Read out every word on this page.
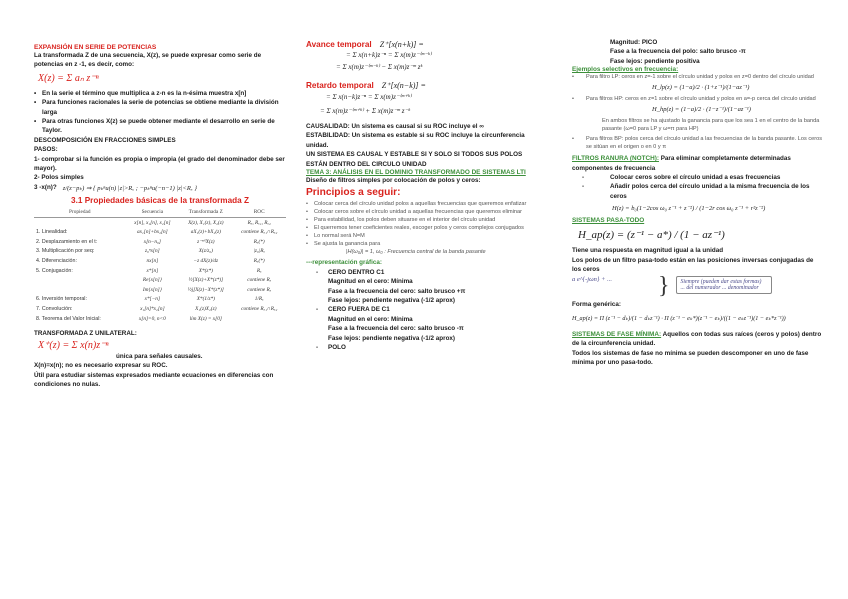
EXPANSIÓN EN SERIE DE POTENCIAS
La transformada Z de una secuencia, X(z), se puede expresar como serie de potencias en z -1, es decir, como:
X(z) = Σ aₙ z⁻ⁿ
• En la serie el término que multiplica a z-n es la n-ésima muestra x[n]
• Para funciones racionales la serie de potencias se obtiene mediante la división larga
• Para otras funciones X(z) se puede obtener mediante el desarrollo en serie de Taylor.
DESCOMPOSICIÓN EN FRACCIONES SIMPLES
PASOS:
1- comprobar si la función es propia o impropia (el grado del denominador debe ser mayor).
2- Polos simples
3 -x(n)? z/(z−pₖ) ⇒ { pₖⁿu(n) |z|>Rₓ ; −pₖⁿu(−n−1) |z|<Rₓ }
3.1 Propiedades básicas de la transformada Z
Propiedad	Secuencia	Transformada Z	ROC
	x[n], x₁[n], x₂[n]	X(z), X₁(z), X₂(z)	Rₓ, Rₓ₁, Rₓ₂
1. Linealidad:	ax₁[n]+bx₂[n]	aX₁(z)+bX₂(z)	contiene Rₓ₁∩Rₓ₂
2. Desplazamiento en el t:	x[n−n₀]	z⁻ⁿ⁰X(z)	Rₓ(*)
3. Multiplicación por seq:	z₀ⁿx[n]	X(z/z₀)	|z₀|Rₓ
4. Diferenciación:	nx[n]	−z dX(z)/dz	Rₓ(*)
5. Conjugación:	x*[n]	X*(z*)	Rₓ
	Re{x[n]}	½[X(z)+X*(z*)]	contiene Rₓ
	Im{x[n]}	½j[X(z)−X*(z*)]	contiene Rₓ
6. Inversión temporal:	x*[−n]	X*(1/z*)	1/Rₓ
7. Convolución:	x₁[n]*x₂[n]	X₁(z)X₂(z)	contiene Rₓ₁∩Rₓ₂
8. Teorema del Valor Inicial:	x[n]=0, n<0	lím X(z) = x[0]	
TRANSFORMADA Z UNILATERAL:
X⁺(z) = Σ x(n)z⁻ⁿ
única para señales causales.
X(n)=x(n); no es necesario expresar su ROC.
Útil para estudiar sistemas expresados mediante ecuaciones en diferencias con condiciones no nulas.
Avance temporal Z⁺[x(n+k)] =
= Σ x(n+k)z⁻ⁿ = Σ x(m)z⁻⁽ᵐ⁻ᵏ⁾
= Σ x(m)z⁻⁽ᵐ⁻ᵏ⁾ − Σ x(m)z⁻ᵐ zᵏ
Retardo temporal Z⁺[x(n−k)] =
= Σ x(n−k)z⁻ⁿ = Σ x(m)z⁻⁽ᵐ⁺ᵏ⁾
= Σ x(m)z⁻⁽ᵐ⁺ᵏ⁾ + Σ x(m)z⁻ᵐ z⁻ᵏ
CAUSALIDAD: Un sistema es causal si su ROC incluye el ∞
ESTABILIDAD: Un sistema es estable si su ROC incluye la circunferencia unidad.
UN SISTEMA ES CAUSAL Y ESTABLE SI Y SOLO SI TODOS SUS POLOS ESTÁN DENTRO DEL CIRCULO UNIDAD
TEMA 3: ANÁLISIS EN EL DOMINIO TRANSFORMADO DE SISTEMAS LTI
Diseño de filtros simples por colocación de polos y ceros:
Principios a seguir:
• Colocar cerca del círculo unidad polos a aquellas frecuencias que queremos enfatizar
• Colocar ceros sobre el círculo unidad a aquellas frecuencias que queremos eliminar
• Para estabilidad, los polos deben situarse en el interior del círculo unidad
• El querremos tener coeficientes reales, escoger polos y ceros complejos conjugados
• Lo normal será N=M
• Se ajusta la ganancia para
|H(ω₀)| = 1, ω₀ : Frecuencia central de la banda pasante
---representación gráfica:
- CERO DENTRO C1
Magnitud en el cero: Mínima
Fase a la frecuencia del cero: salto brusco +π
Fase lejos: pendiente negativa (-1/2 aprox)
- CERO FUERA DE C1
Magnitud en el cero: Mínima
Fase a la frecuencia del cero: salto brusco -π
Fase lejos: pendiente negativa (-1/2 aprox)
- POLO
Magnitud: PICO
Fase a la frecuencia del polo: salto brusco -π
Fase lejos: pendiente positiva
Ejemplos selectivos en frecuencia:
• Para filtro LP: ceros en z=-1 sobre el círculo unidad y polos en z=0 dentro del círculo unidad
H_lp(z) = (1−a)/2 · (1+z⁻¹)/(1−az⁻¹)
• Para filtros HP: ceros en z=1 sobre el círculo unidad y polos en a=-p cerca del círculo unidad
H_hp(z) = (1−a)/2 · (1−z⁻¹)/(1−az⁻¹)
En ambos filtros se ha ajustado la ganancia para que los sea 1 en el centro de la banda pasante (ω=0 para LP y ω=π para HP)
• Para filtros BP: polos cerca del círculo unidad a las frecuencias de la banda pasante. Los ceros se sitúan en el origen o en 0 y π
FILTROS RANURA (NOTCH): Para eliminar completamente determinadas componentes de frecuencia
- Colocar ceros sobre el círculo unidad a esas frecuencias
- Añadir polos cerca del círculo unidad a la misma frecuencia de los ceros
H(z) = b₀(1−2cos ω₀ z⁻¹ + z⁻²) / (1−2r cos ω₀ z⁻¹ + r²z⁻²)
SISTEMAS PASA-TODO
H_ap(z) = (z⁻¹ − a*) / (1 − az⁻¹)
Tiene una respuesta en magnitud igual a la unidad
Los polos de un filtro pasa-todo están en las posiciones inversas conjugadas de los ceros
a e^{-jωn} + ...	}	Siempre (pueden dar estas formas) ... del numerador ... denominador
Forma genérica:
H_ap(z) = Π (z⁻¹ − dₖ)/(1 − dₖz⁻¹) · Π (z⁻¹ − eₖ*)(z⁻¹ − eₖ)/((1 − eₖz⁻¹)(1 − eₖ*z⁻¹))
SISTEMAS DE FASE MÍNIMA: Aquellos con todas sus raíces (ceros y polos) dentro de la circunferencia unidad.
Todos los sistemas de fase no mínima se pueden descomponer en uno de fase mínima por uno pasa-todo.
